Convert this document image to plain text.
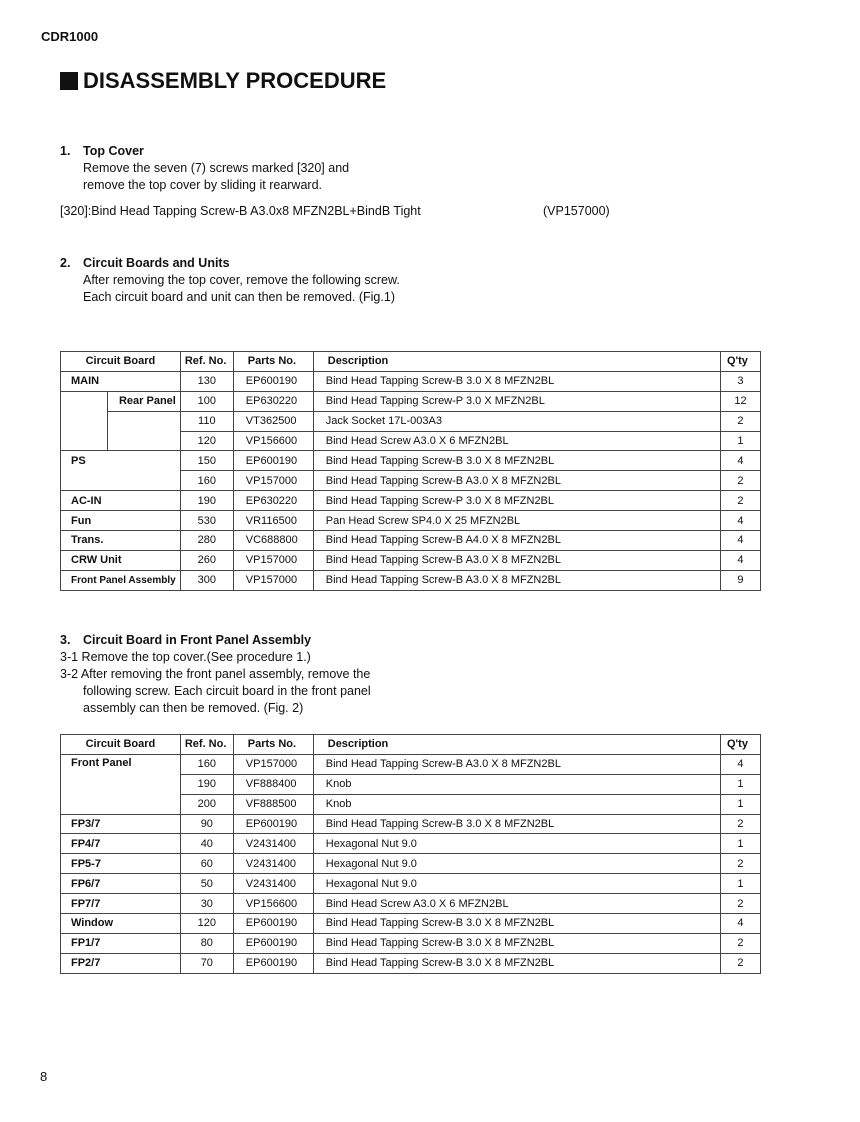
CDR1000
DISASSEMBLY PROCEDURE
1. Top Cover
Remove the seven (7) screws marked [320] and
remove the top cover by sliding it rearward.
[320]:Bind Head Tapping Screw-B A3.0x8 MFZN2BL+BindB Tight	(VP157000)
2. Circuit Boards and Units
After removing the top cover, remove the following screw.
Each circuit board and unit can then be removed. (Fig.1)
Circuit Board		Ref. No.	Parts No.	Description	Q'ty
MAIN		130	EP600190	Bind Head Tapping Screw-B 3.0 X 8 MFZN2BL	3
	Rear Panel	100	EP630220	Bind Head Tapping Screw-P 3.0 X MFZN2BL	12
		110	VT362500	Jack Socket 17L-003A3	2
		120	VP156600	Bind Head Screw A3.0 X 6 MFZN2BL	1
PS		150	EP600190	Bind Head Tapping Screw-B 3.0 X 8 MFZN2BL	4
		160	VP157000	Bind Head Tapping Screw-B A3.0 X 8 MFZN2BL	2
AC-IN		190	EP630220	Bind Head Tapping Screw-P 3.0 X 8 MFZN2BL	2
Fun		530	VR116500	Pan Head Screw SP4.0 X 25 MFZN2BL	4
Trans.		280	VC688800	Bind Head Tapping Screw-B A4.0 X 8 MFZN2BL	4
CRW Unit		260	VP157000	Bind Head Tapping Screw-B A3.0 X 8 MFZN2BL	4
Front Panel Assembly		300	VP157000	Bind Head Tapping Screw-B A3.0 X 8 MFZN2BL	9
3. Circuit Board in Front Panel Assembly
3-1 Remove the top cover.(See procedure 1.)
3-2 After removing the front panel assembly, remove the
following screw. Each circuit board in the front panel
assembly can then be removed. (Fig. 2)
Circuit Board	Ref. No.	Parts No.	Description	Q'ty
Front Panel	160	VP157000	Bind Head Tapping Screw-B A3.0 X 8 MFZN2BL	4
	190	VF888400	Knob	1
	200	VF888500	Knob	1
FP3/7	90	EP600190	Bind Head Tapping Screw-B 3.0 X 8 MFZN2BL	2
FP4/7	40	V2431400	Hexagonal Nut 9.0	1
FP5-7	60	V2431400	Hexagonal Nut 9.0	2
FP6/7	50	V2431400	Hexagonal Nut 9.0	1
FP7/7	30	VP156600	Bind Head Screw A3.0 X 6 MFZN2BL	2
Window	120	EP600190	Bind Head Tapping Screw-B 3.0 X 8 MFZN2BL	4
FP1/7	80	EP600190	Bind Head Tapping Screw-B 3.0 X 8 MFZN2BL	2
FP2/7	70	EP600190	Bind Head Tapping Screw-B 3.0 X 8 MFZN2BL	2
8
